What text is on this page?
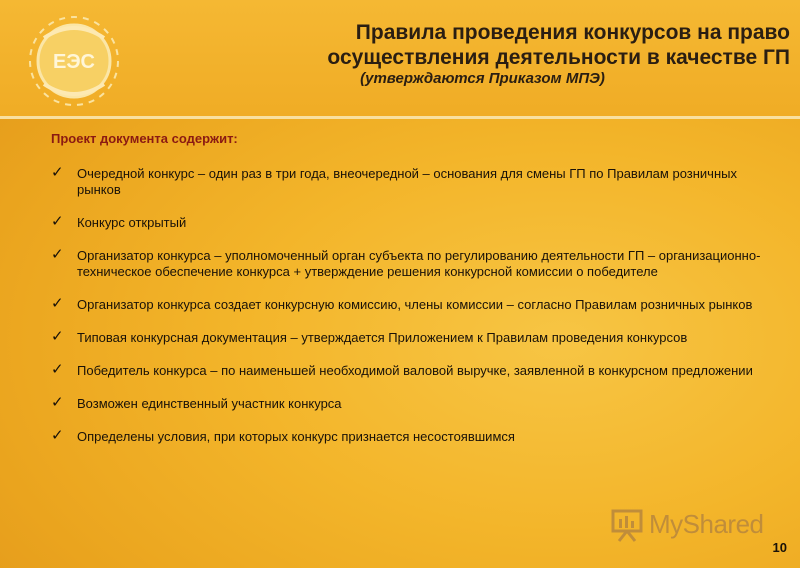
ЕЭС
Правила проведения конкурсов на право
осуществления деятельности в качестве ГП
(утверждаются Приказом МПЭ)
Проект документа содержит:
✓ Очередной конкурс – один раз в три года, внеочередной – основания для смены ГП по Правилам розничных рынков
✓ Конкурс открытый
✓ Организатор конкурса – уполномоченный орган субъекта по регулированию деятельности ГП – организационно-техническое обеспечение конкурса + утверждение решения конкурсной комиссии о победителе
✓ Организатор конкурса создает конкурсную комиссию, члены комиссии – согласно Правилам розничных рынков
✓ Типовая конкурсная документация – утверждается Приложением к Правилам проведения конкурсов
✓ Победитель конкурса – по наименьшей необходимой валовой выручке, заявленной в конкурсном предложении
✓ Возможен единственный участник конкурса
✓ Определены условия, при которых конкурс признается несостоявшимся
MyShared
10
